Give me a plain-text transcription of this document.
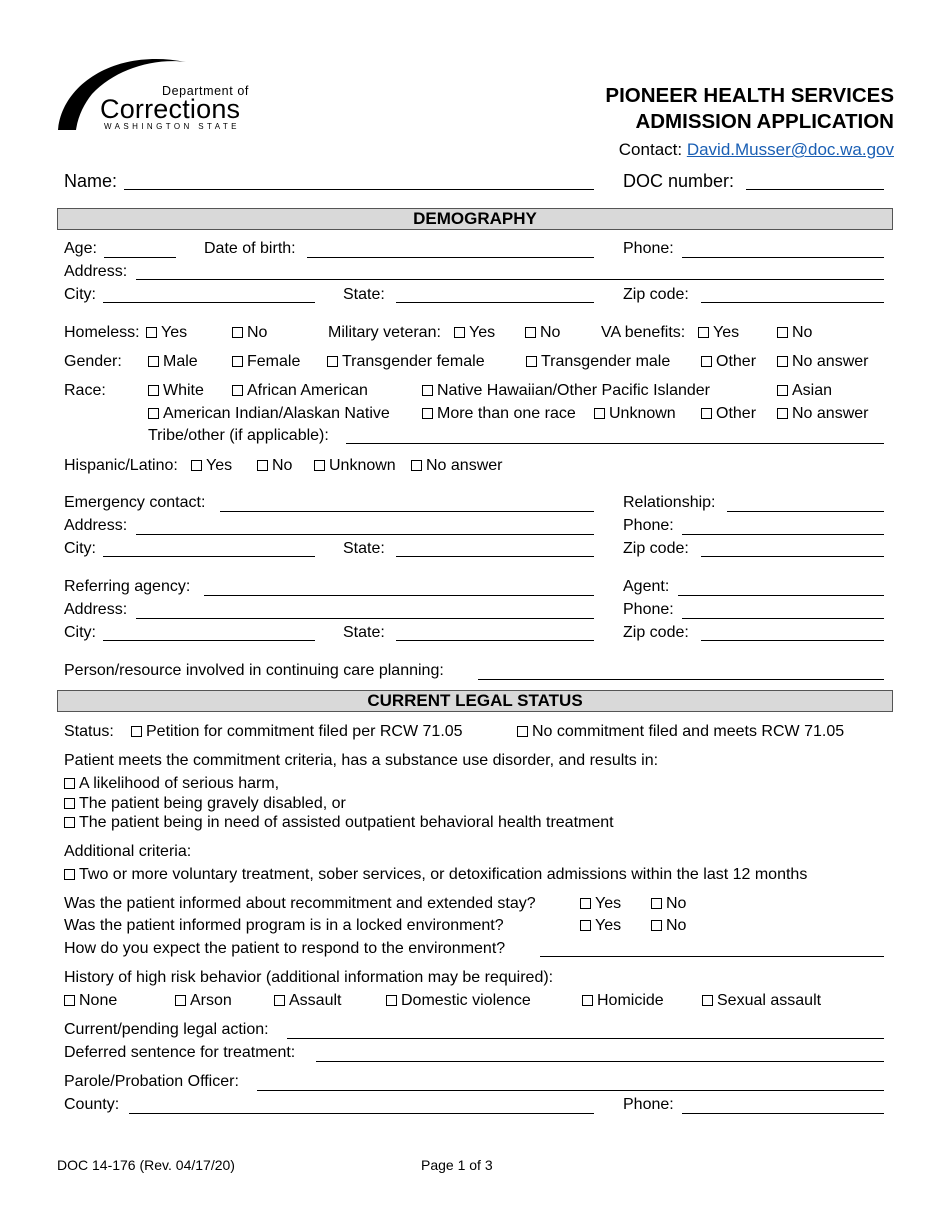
Department of
Corrections
WASHINGTON STATE
PIONEER HEALTH SERVICES
ADMISSION APPLICATION
Contact: David.Musser@doc.wa.gov
Name:	DOC number:
DEMOGRAPHY
Age:	Date of birth:	Phone:
Address:
City:	State:	Zip code:
Homeless:	Yes	No	Military veteran:	Yes	No	VA benefits:	Yes	No
Gender:	Male	Female	Transgender female	Transgender male	Other	No answer
Race:	White	African American	Native Hawaiian/Other Pacific Islander	Asian
American Indian/Alaskan Native	More than one race	Unknown	Other	No answer
Tribe/other (if applicable):
Hispanic/Latino:	Yes	No	Unknown	No answer
Emergency contact:	Relationship:
Address:	Phone:
City:	State:	Zip code:
Referring agency:	Agent:
Address:	Phone:
City:	State:	Zip code:
Person/resource involved in continuing care planning:
CURRENT LEGAL STATUS
Status:	Petition for commitment filed per RCW 71.05	No commitment filed and meets RCW 71.05
Patient meets the commitment criteria, has a substance use disorder, and results in:
A likelihood of serious harm,
The patient being gravely disabled, or
The patient being in need of assisted outpatient behavioral health treatment
Additional criteria:
Two or more voluntary treatment, sober services, or detoxification admissions within the last 12 months
Was the patient informed about recommitment and extended stay?	Yes	No
Was the patient informed program is in a locked environment?	Yes	No
How do you expect the patient to respond to the environment?
History of high risk behavior (additional information may be required):
None	Arson	Assault	Domestic violence	Homicide	Sexual assault
Current/pending legal action:
Deferred sentence for treatment:
Parole/Probation Officer:
County:	Phone:
DOC 14-176 (Rev. 04/17/20)	Page 1 of 3
